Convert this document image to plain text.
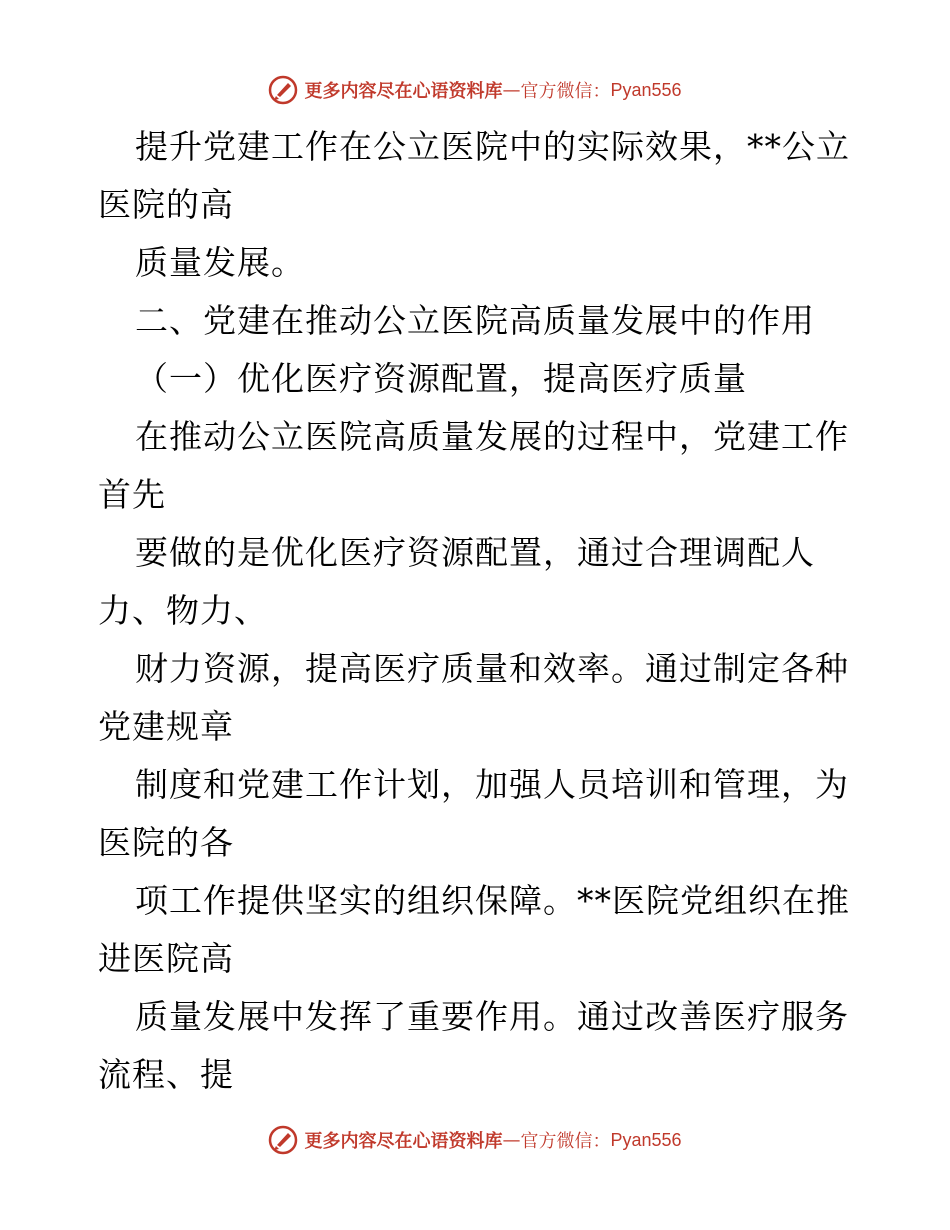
更多内容尽在心语资料库 — 官方微信： Pyan556
提升党建工作在公立医院中的实际效果，**公立
医院的高
质量发展。
二、党建在推动公立医院高质量发展中的作用
（一）优化医疗资源配置，提高医疗质量
在推动公立医院高质量发展的过程中，党建工作
首先
要做的是优化医疗资源配置，通过合理调配人
力、物力、
财力资源，提高医疗质量和效率。通过制定各种
党建规章
制度和党建工作计划，加强人员培训和管理，为
医院的各
项工作提供坚实的组织保障。**医院党组织在推
进医院高
质量发展中发挥了重要作用。通过改善医疗服务
流程、提
更多内容尽在心语资料库 — 官方微信： Pyan556
